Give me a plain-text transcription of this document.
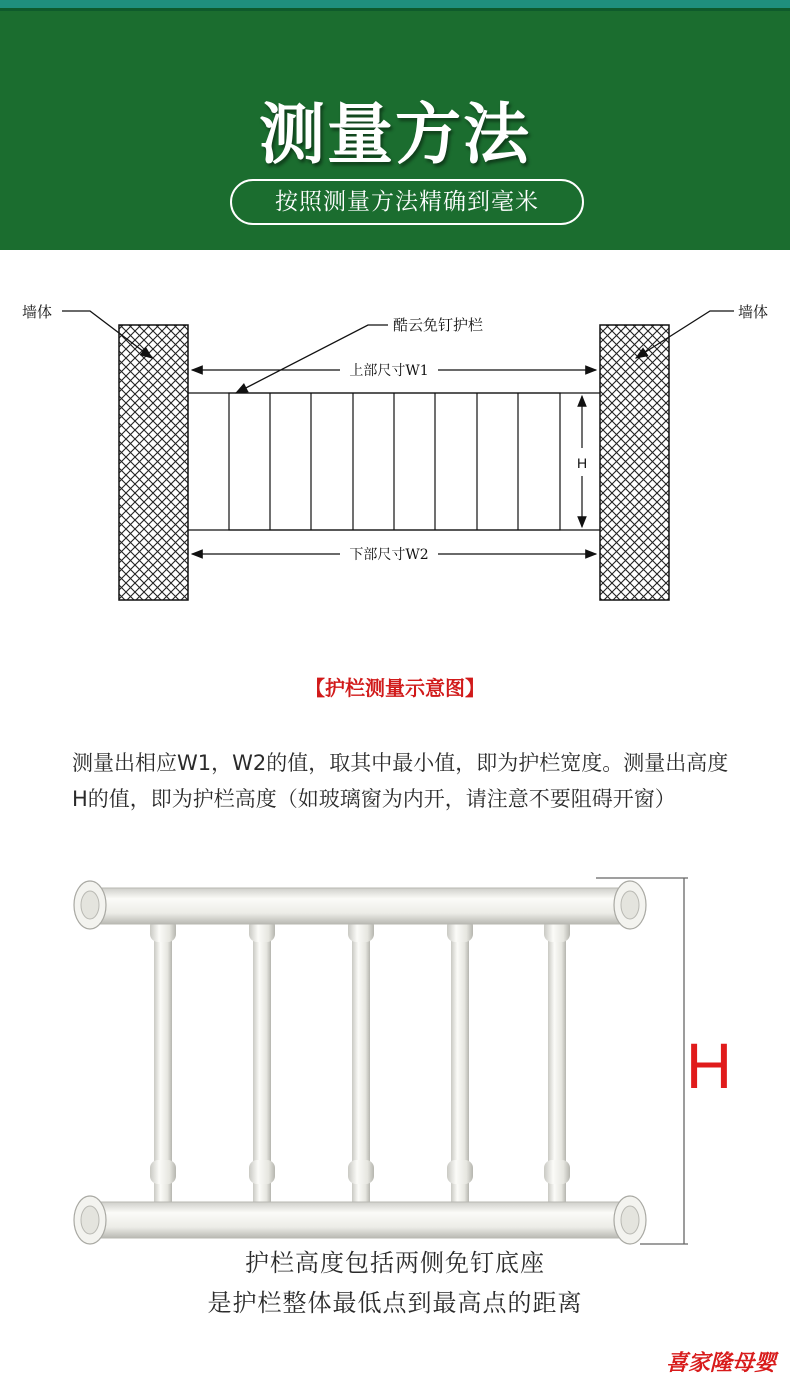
测量方法
按照测量方法精确到毫米
墙体	墙体
酷云免钉护栏
上部尺寸W1
下部尺寸W2
H
【护栏测量示意图】
测量出相应W1，W2的值，取其中最小值，即为护栏宽度。测量出高度H的值，即为护栏高度（如玻璃窗为内开，请注意不要阻碍开窗）
H
护栏高度包括两侧免钉底座
是护栏整体最低点到最高点的距离
喜家隆母婴
